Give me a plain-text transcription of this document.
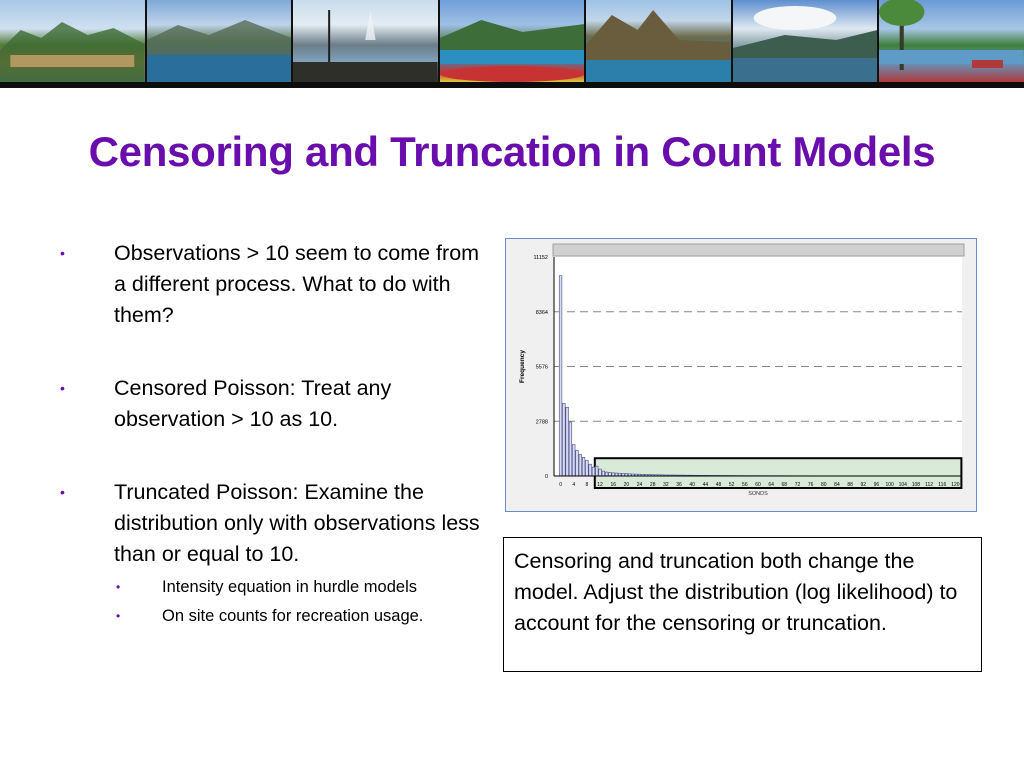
Censoring and Truncation in Count Models
• Observations > 10 seem to come from a different process. What to do with them?
• Censored Poisson: Treat any observation > 10 as 10.
• Truncated Poisson: Examine the distribution only with observations less than or equal to 10.
•	Intensity equation in hurdle models
•	On site counts for recreation usage.
0
2788
5576
8364
11152
0 4 8 12 16 20 24 28 32 36 40 44 48 52 56 60 64 68 72 76 80 84 88 92 96 100 104 108 112 116 120
Frequency
SONDS
Censoring and truncation both change the model. Adjust the distribution (log likelihood) to account for the censoring or truncation.
